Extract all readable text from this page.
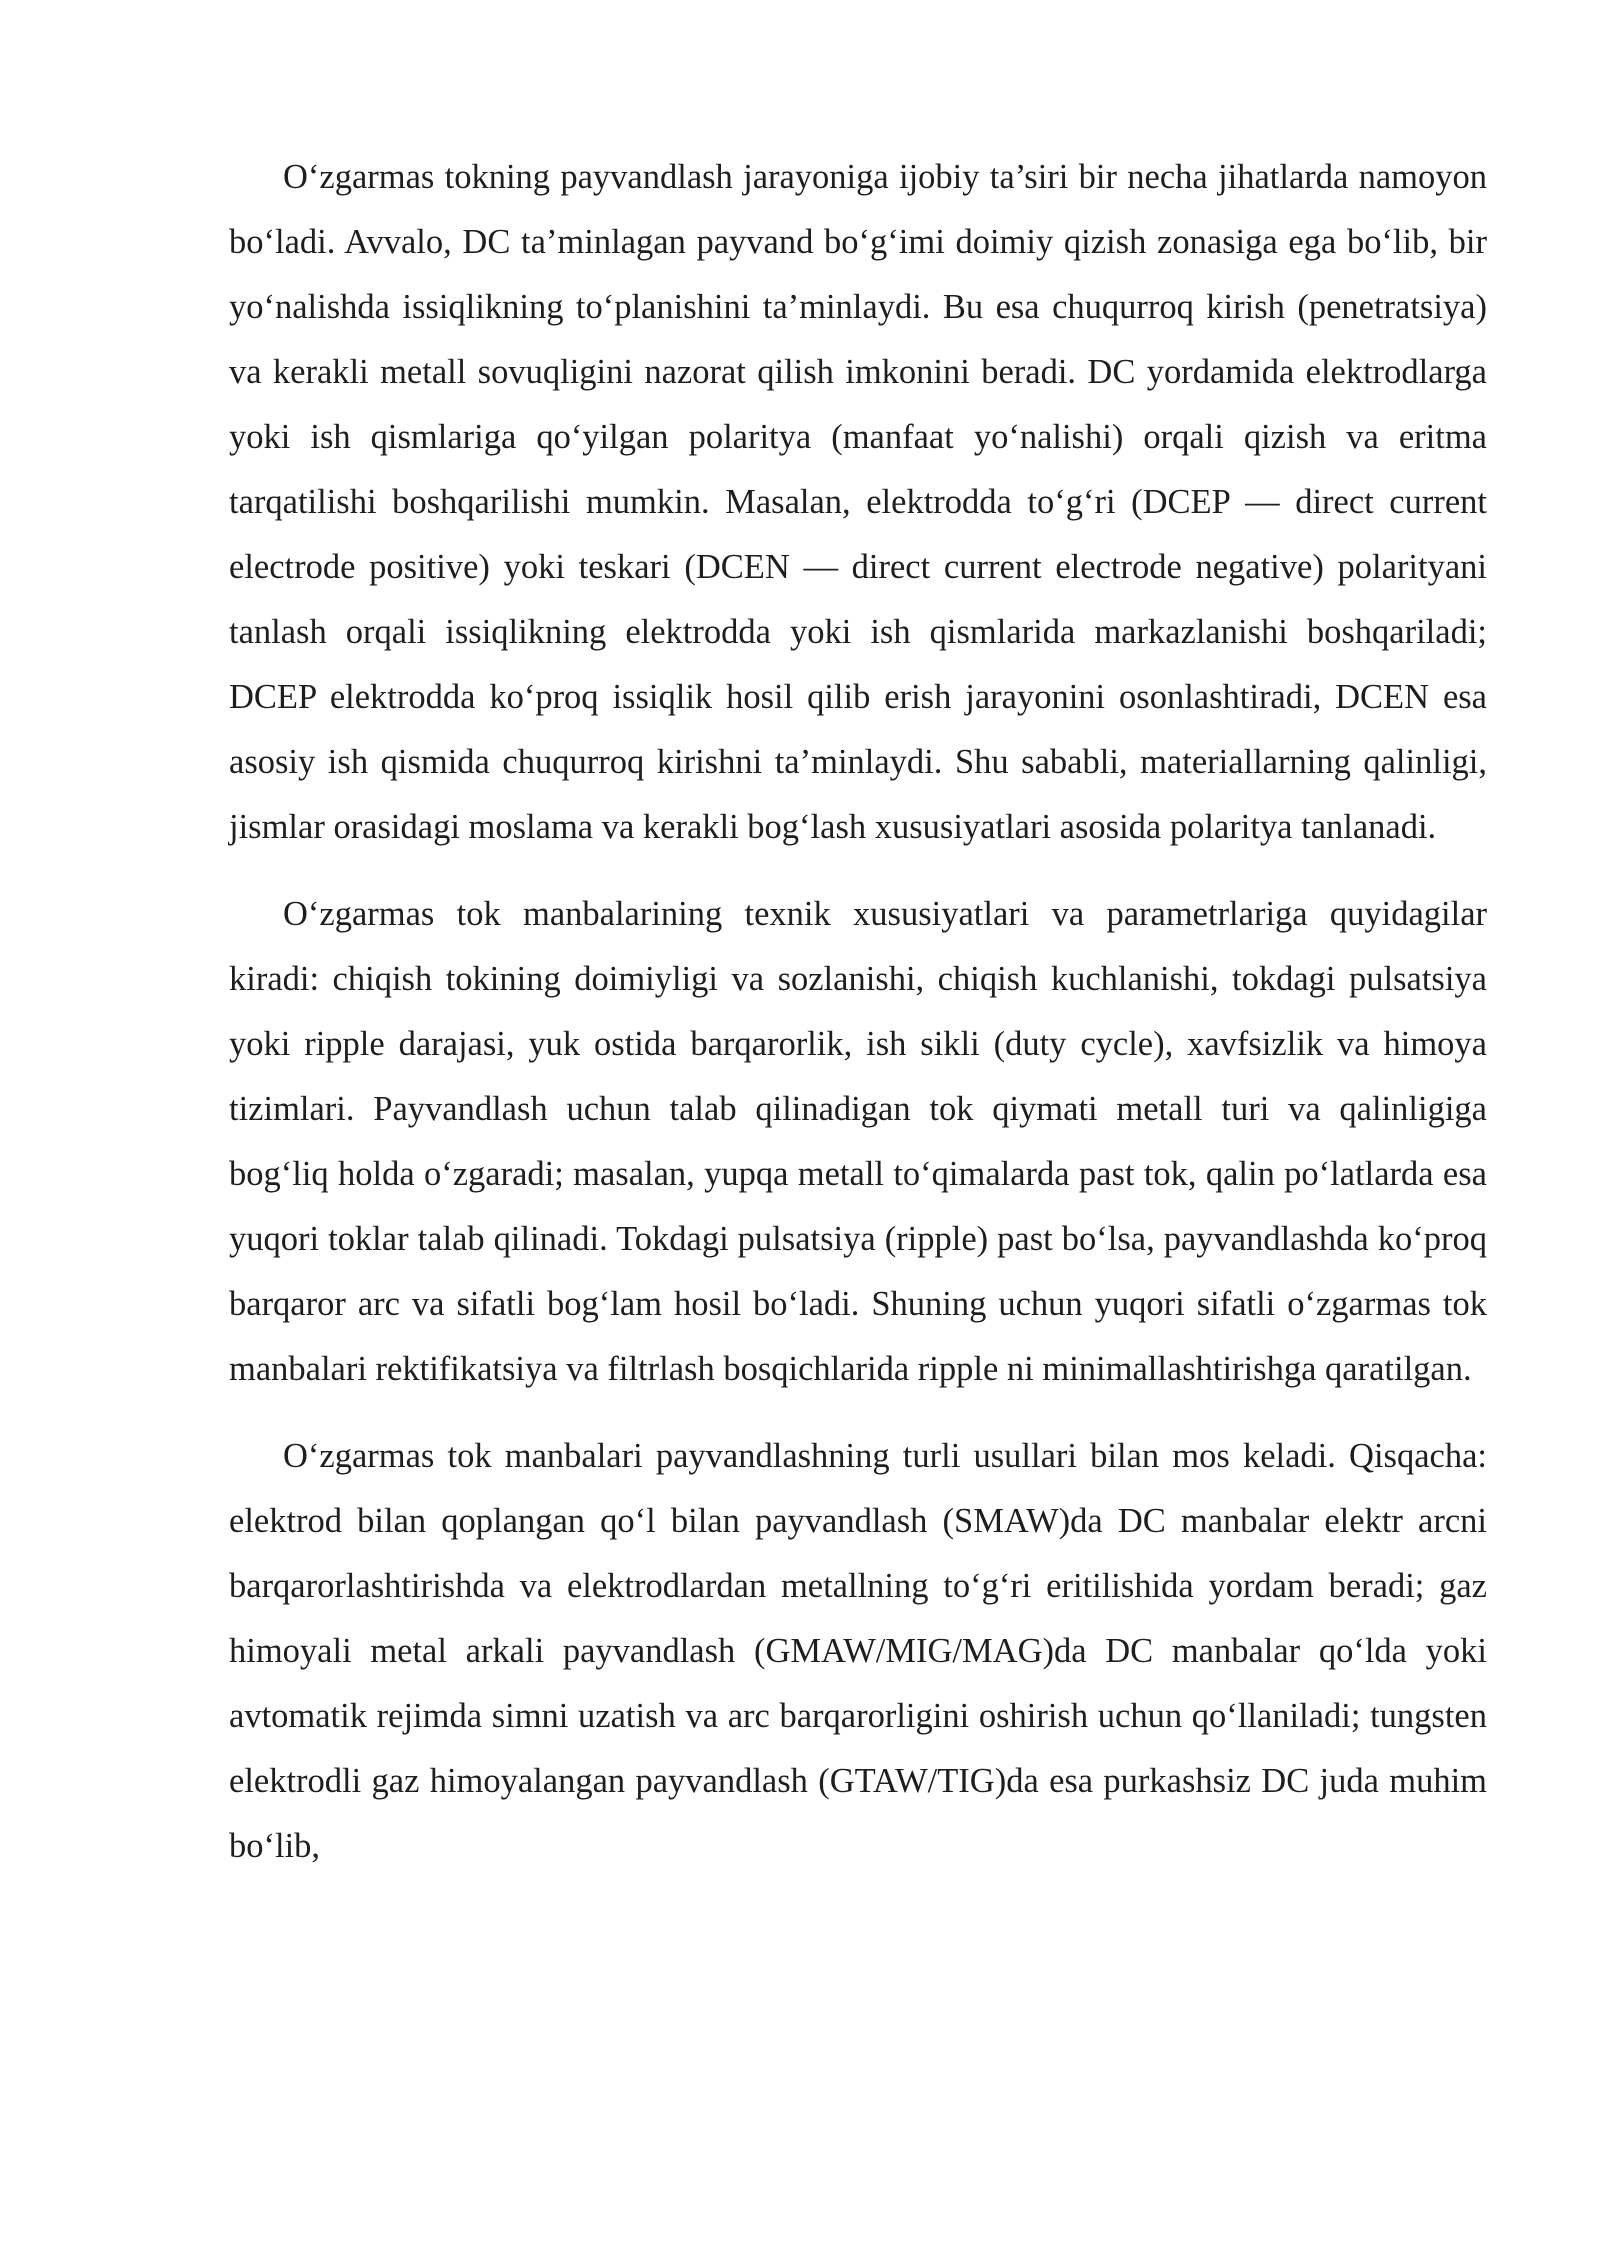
O‘zgarmas tokning payvandlash jarayoniga ijobiy ta’siri bir necha jihatlarda namoyon bo‘ladi. Avvalo, DC ta’minlagan payvand bo‘g‘imi doimiy qizish zonasiga ega bo‘lib, bir yo‘nalishda issiqlikning to‘planishini ta’minlaydi. Bu esa chuqurroq kirish (penetratsiya) va kerakli metall sovuqligini nazorat qilish imkonini beradi. DC yordamida elektrodlarga yoki ish qismlariga qo‘yilgan polaritya (manfaat yo‘nalishi) orqali qizish va eritma tarqatilishi boshqarilishi mumkin. Masalan, elektrodda to‘g‘ri (DCEP — direct current electrode positive) yoki teskari (DCEN — direct current electrode negative) polarityani tanlash orqali issiqlikning elektrodda yoki ish qismlarida markazlanishi boshqariladi; DCEP elektrodda ko‘proq issiqlik hosil qilib erish jarayonini osonlashtiradi, DCEN esa asosiy ish qismida chuqurroq kirishni ta’minlaydi. Shu sababli, materiallarning qalinligi, jismlar orasidagi moslama va kerakli bog‘lash xususiyatlari asosida polaritya tanlanadi.

O‘zgarmas tok manbalarining texnik xususiyatlari va parametrlariga quyidagilar kiradi: chiqish tokining doimiyligi va sozlanishi, chiqish kuchlanishi, tokdagi pulsatsiya yoki ripple darajasi, yuk ostida barqarorlik, ish sikli (duty cycle), xavfsizlik va himoya tizimlari. Payvandlash uchun talab qilinadigan tok qiymati metall turi va qalinligiga bog‘liq holda o‘zgaradi; masalan, yupqa metall to‘qimalarda past tok, qalin po‘latlarda esa yuqori toklar talab qilinadi. Tokdagi pulsatsiya (ripple) past bo‘lsa, payvandlashda ko‘proq barqaror arc va sifatli bog‘lam hosil bo‘ladi. Shuning uchun yuqori sifatli o‘zgarmas tok manbalari rektifikatsiya va filtrlash bosqichlarida ripple ni minimallashtirishga qaratilgan.

O‘zgarmas tok manbalari payvandlashning turli usullari bilan mos keladi. Qisqacha: elektrod bilan qoplangan qo‘l bilan payvandlash (SMAW)da DC manbalar elektr arcni barqarorlashtirishda va elektrodlardan metallning to‘g‘ri eritilishida yordam beradi; gaz himoyali metal arkali payvandlash (GMAW/MIG/MAG)da DC manbalar qo‘lda yoki avtomatik rejimda simni uzatish va arc barqarorligini oshirish uchun qo‘llaniladi; tungsten elektrodli gaz himoyalangan payvandlash (GTAW/TIG)da esa purkashsiz DC juda muhim bo‘lib,
